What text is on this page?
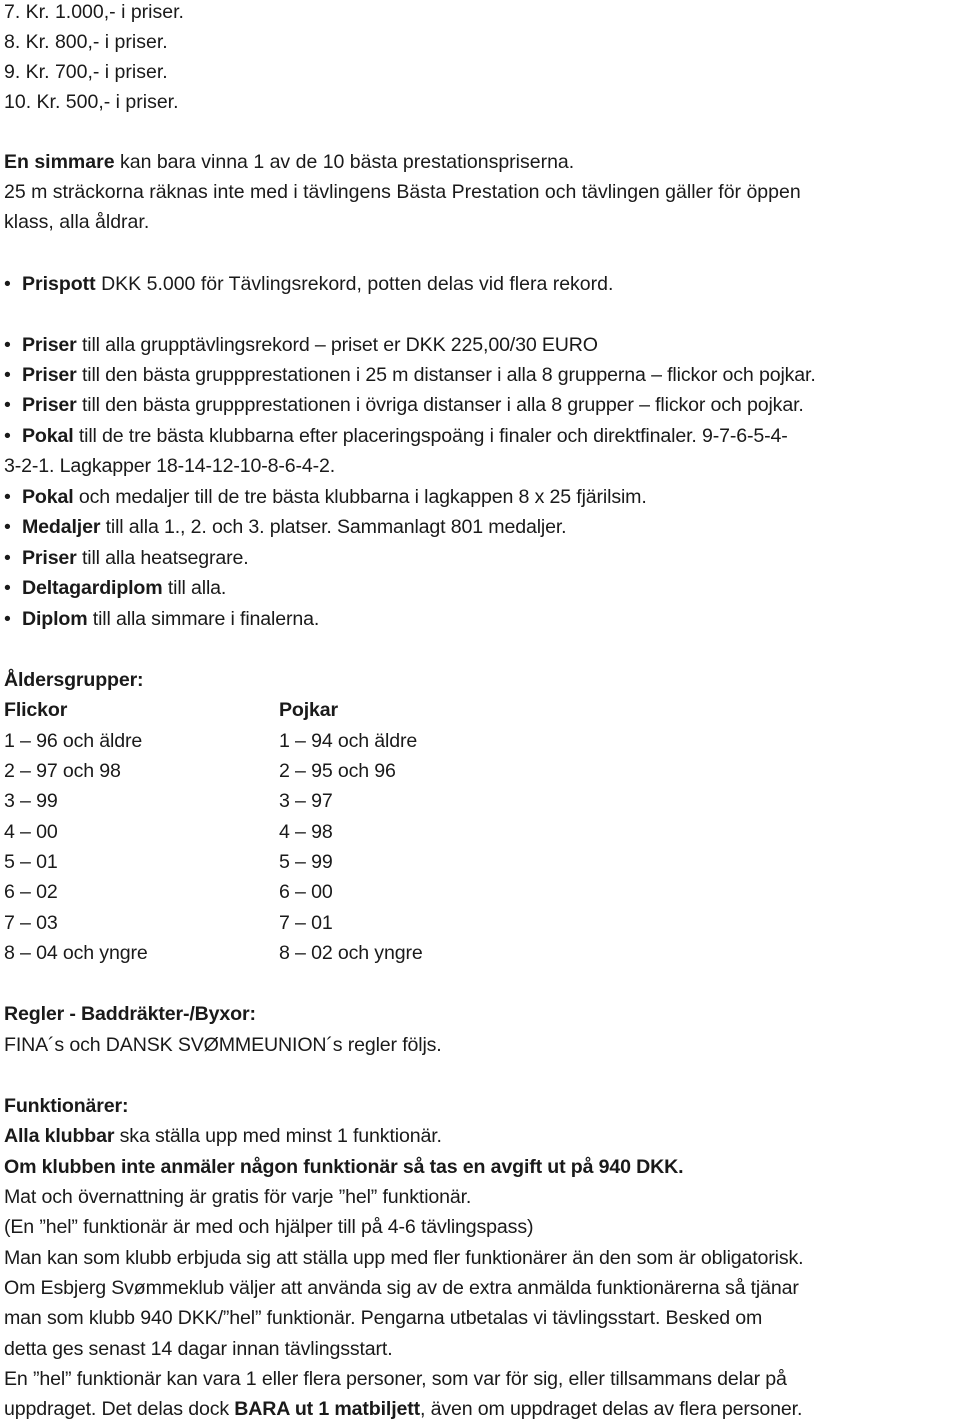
7. Kr. 1.000,- i priser.
8. Kr. 800,- i priser.
9. Kr. 700,- i priser.
10. Kr. 500,- i priser.
En simmare kan bara vinna 1 av de 10 bästa prestationspriserna.
25 m sträckorna räknas inte med i tävlingens Bästa Prestation och tävlingen gäller för öppen
klass, alla åldrar.
• Prispott DKK 5.000 för Tävlingsrekord, potten delas vid flera rekord.
• Priser till alla grupptävlingsrekord – priset er DKK 225,00/30 EURO
• Priser till den bästa gruppprestationen i 25 m distanser i alla 8 grupperna – flickor och pojkar.
• Priser till den bästa gruppprestationen i övriga distanser i alla 8 grupper – flickor och pojkar.
• Pokal till de tre bästa klubbarna efter placeringspoäng i finaler och direktfinaler. 9-7-6-5-4-
3-2-1. Lagkapper 18-14-12-10-8-6-4-2.
• Pokal och medaljer till de tre bästa klubbarna i lagkappen 8 x 25 fjärilsim.
• Medaljer till alla 1., 2. och 3. platser. Sammanlagt 801 medaljer.
• Priser till alla heatsegrare.
• Deltagardiplom till alla.
• Diplom till alla simmare i finalerna.
Åldersgrupper:
Flickor	Pojkar
1 – 96 och äldre	1 – 94 och äldre
2 – 97 och 98	2 – 95 och 96
3 – 99	3 – 97
4 – 00	4 – 98
5 – 01	5 – 99
6 – 02	6 – 00
7 – 03	7 – 01
8 – 04 och yngre	8 – 02 och yngre
Regler - Baddräkter-/Byxor:
FINA´s och DANSK SVØMMEUNION´s regler följs.
Funktionärer:
Alla klubbar ska ställa upp med minst 1 funktionär.
Om klubben inte anmäler någon funktionär så tas en avgift ut på 940 DKK.
Mat och övernattning är gratis för varje ”hel” funktionär.
(En ”hel” funktionär är med och hjälper till på 4-6 tävlingspass)
Man kan som klubb erbjuda sig att ställa upp med fler funktionärer än den som är obligatorisk.
Om Esbjerg Svømmeklub väljer att använda sig av de extra anmälda funktionärerna så tjänar
man som klubb 940 DKK/”hel” funktionär. Pengarna utbetalas vi tävlingsstart. Besked om
detta ges senast 14 dagar innan tävlingsstart.
En ”hel” funktionär kan vara 1 eller flera personer, som var för sig, eller tillsammans delar på
uppdraget. Det delas dock BARA ut 1 matbiljett, även om uppdraget delas av flera personer.
